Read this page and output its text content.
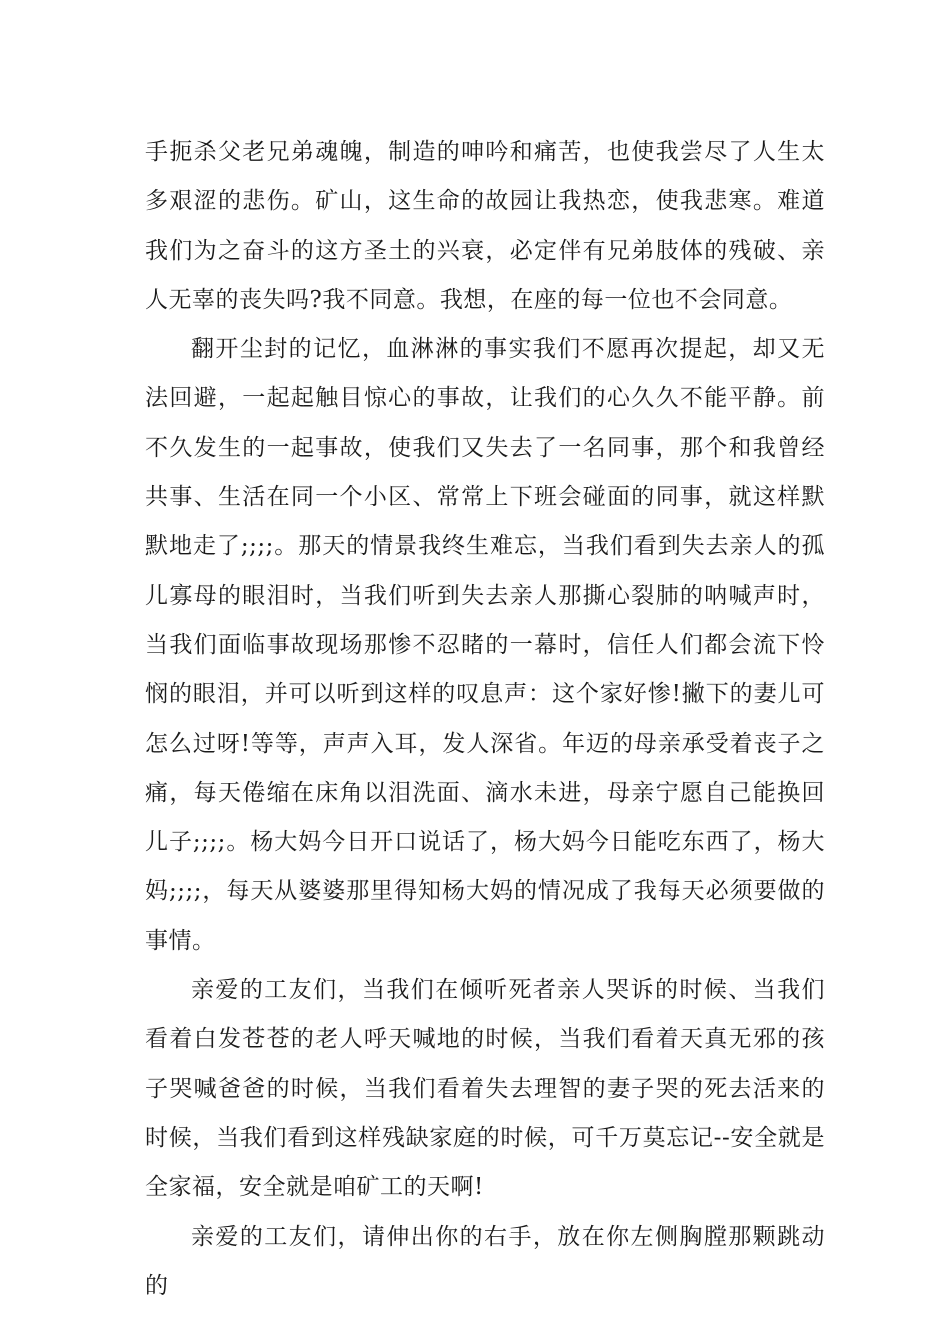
手扼杀父老兄弟魂魄，制造的呻吟和痛苦，也使我尝尽了人生太多艰涩的悲伤。矿山，这生命的故园让我热恋，使我悲寒。难道我们为之奋斗的这方圣土的兴衰，必定伴有兄弟肢体的残破、亲人无辜的丧失吗?我不同意。我想，在座的每一位也不会同意。

翻开尘封的记忆，血淋淋的事实我们不愿再次提起，却又无法回避，一起起触目惊心的事故，让我们的心久久不能平静。前不久发生的一起事故，使我们又失去了一名同事，那个和我曾经共事、生活在同一个小区、常常上下班会碰面的同事，就这样默默地走了;;;;。那天的情景我终生难忘，当我们看到失去亲人的孤儿寡母的眼泪时，当我们听到失去亲人那撕心裂肺的呐喊声时，当我们面临事故现场那惨不忍睹的一幕时，信任人们都会流下怜悯的眼泪，并可以听到这样的叹息声：这个家好惨!撇下的妻儿可怎么过呀!等等，声声入耳，发人深省。年迈的母亲承受着丧子之痛，每天倦缩在床角以泪洗面、滴水未进，母亲宁愿自己能换回儿子;;;;。杨大妈今日开口说话了，杨大妈今日能吃东西了，杨大妈;;;;，每天从婆婆那里得知杨大妈的情况成了我每天必须要做的事情。

亲爱的工友们，当我们在倾听死者亲人哭诉的时候、当我们看着白发苍苍的老人呼天喊地的时候，当我们看着天真无邪的孩子哭喊爸爸的时候，当我们看着失去理智的妻子哭的死去活来的时候，当我们看到这样残缺家庭的时候，可千万莫忘记--安全就是全家福，安全就是咱矿工的天啊!

亲爱的工友们，请伸出你的右手，放在你左侧胸膛那颗跳动的
